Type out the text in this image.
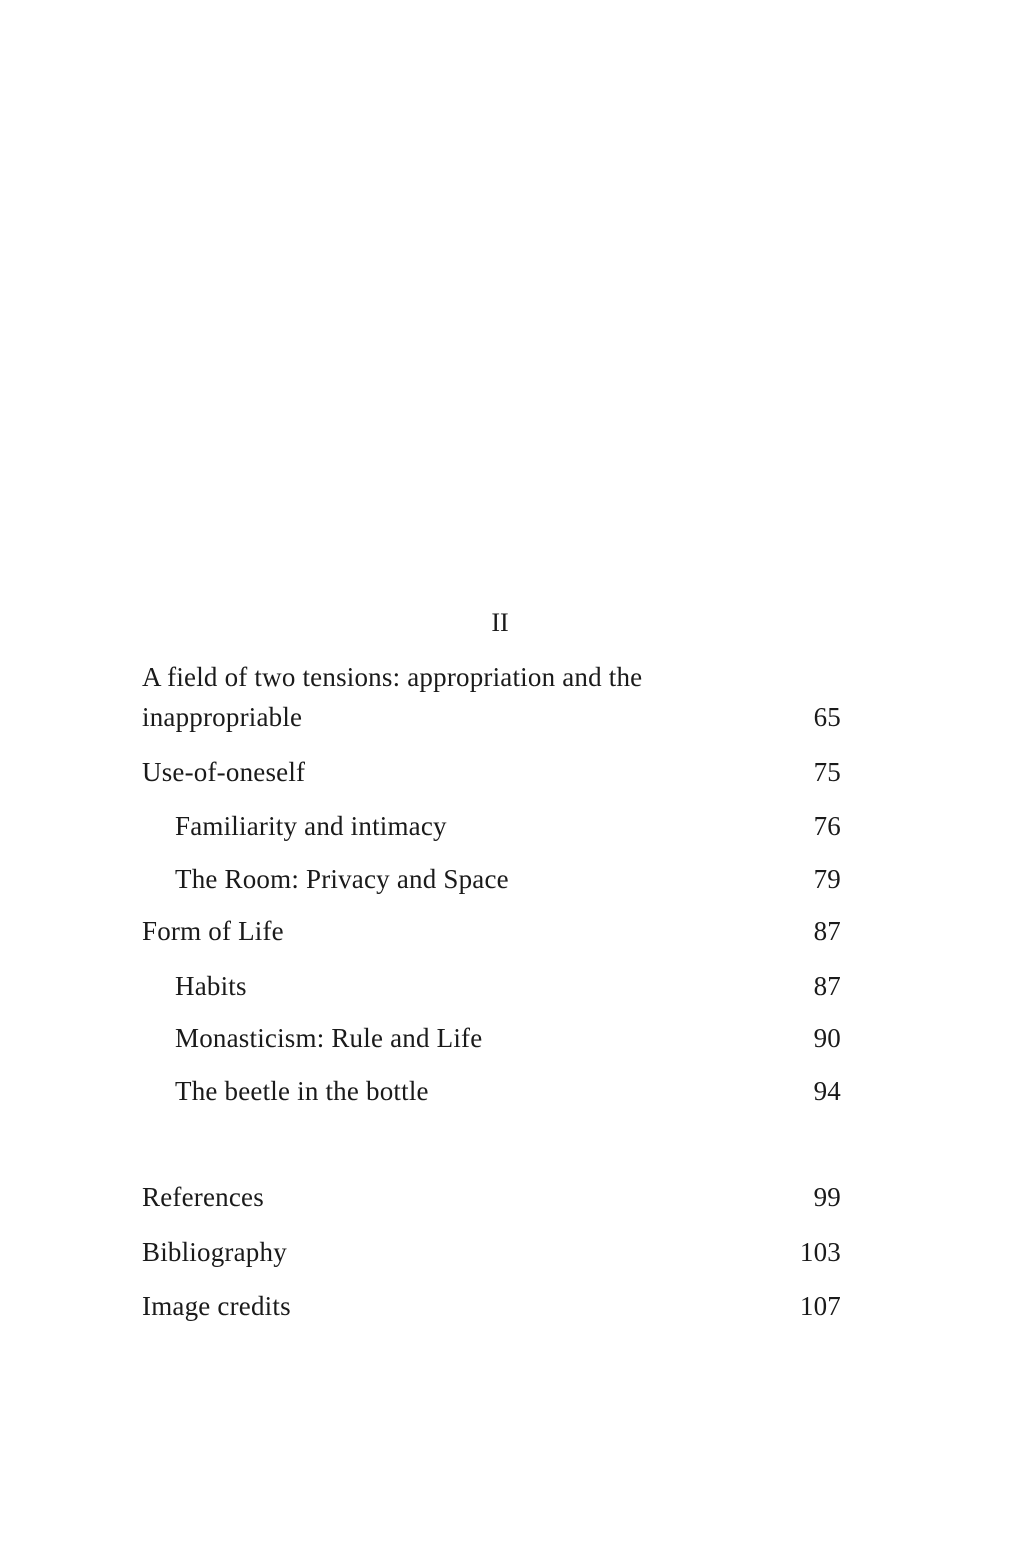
II
A field of two tensions: appropriation and the
inappropriable	65
Use-of-oneself	75
Familiarity and intimacy	76
The Room: Privacy and Space	79
Form of Life	87
Habits	87
Monasticism: Rule and Life	90
The beetle in the bottle	94
References	99
Bibliography	103
Image credits	107
